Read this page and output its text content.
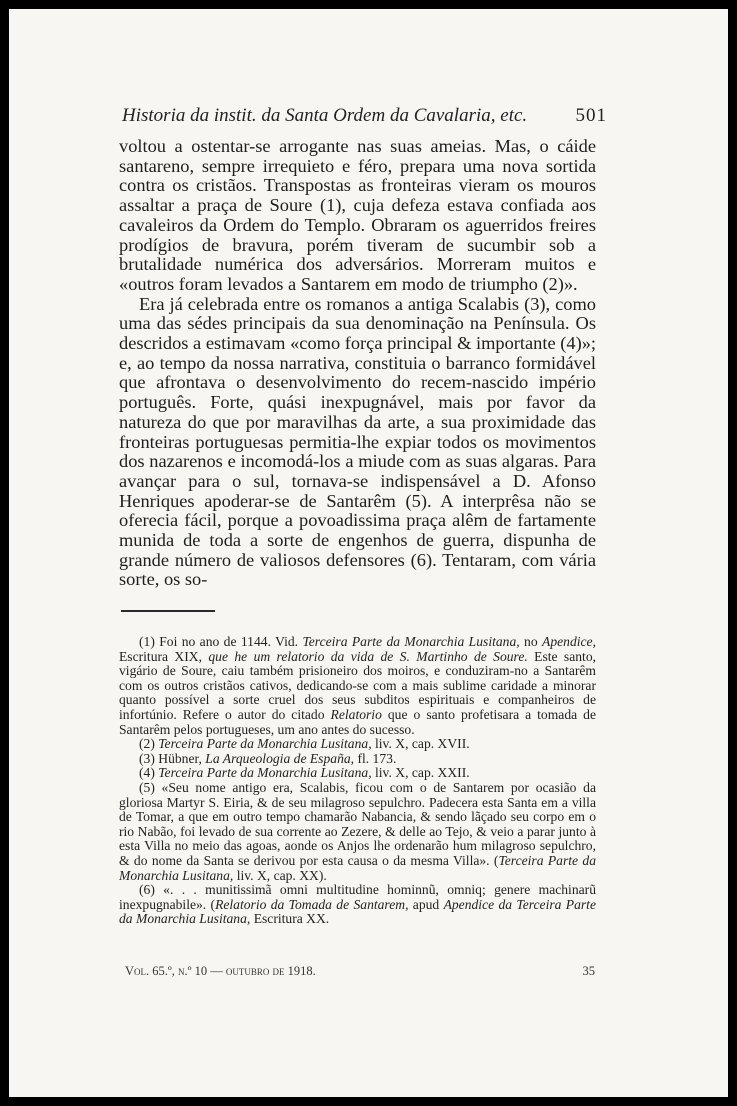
Historia da instit. da Santa Ordem da Cavalaria, etc.	501

voltou a ostentar-se arrogante nas suas ameias. Mas, o cáide santareno, sempre irrequieto e féro, prepara uma nova sortida contra os cristãos. Transpostas as fronteiras vieram os mouros assaltar a praça de Soure (1), cuja defeza estava confiada aos cavaleiros da Ordem do Templo. Obraram os aguerridos freires prodígios de bravura, porém tiveram de sucumbir sob a brutalidade numérica dos adversários. Morreram muitos e «outros foram levados a Santarem em modo de triumpho (2)».

Era já celebrada entre os romanos a antiga Scalabis (3), como uma das sédes principais da sua denominação na Península. Os descridos a estimavam «como força principal & importante (4)»; e, ao tempo da nossa narrativa, constituia o barranco formidável que afrontava o desenvolvimento do recem-nascido império português. Forte, quási inexpugnável, mais por favor da natureza do que por maravilhas da arte, a sua proximidade das fronteiras portuguesas permitia-lhe expiar todos os movimentos dos nazarenos e incomodá-los a miude com as suas algaras. Para avançar para o sul, tornava-se indispensável a D. Afonso Henriques apoderar-se de Santarêm (5). A interprêsa não se oferecia fácil, porque a povoadissima praça alêm de fartamente munida de toda a sorte de engenhos de guerra, dispunha de grande número de valiosos defensores (6). Tentaram, com vária sorte, os so-

(1) Foi no ano de 1144. Vid. Terceira Parte da Monarchia Lusitana, no Apendice, Escritura XIX, que he um relatorio da vida de S. Martinho de Soure. Este santo, vigário de Soure, caiu também prisioneiro dos moiros, e conduziram-no a Santarêm com os outros cristãos cativos, dedicando-se com a mais sublime caridade a minorar quanto possível a sorte cruel dos seus subditos espirituais e companheiros de infortúnio. Refere o autor do citado Relatorio que o santo profetisara a tomada de Santarêm pelos portugueses, um ano antes do sucesso.

(2) Terceira Parte da Monarchia Lusitana, liv. X, cap. XVII.

(3) Hübner, La Arqueologia de España, fl. 173.

(4) Terceira Parte da Monarchia Lusitana, liv. X, cap. XXII.

(5) «Seu nome antigo era, Scalabis, ficou com o de Santarem por ocasião da gloriosa Martyr S. Eiria, & de seu milagroso sepulchro. Padecera esta Santa em a villa de Tomar, a que em outro tempo chamarão Nabancia, & sendo lãçado seu corpo em o rio Nabão, foi levado de sua corrente ao Zezere, & delle ao Tejo, & veio a parar junto à esta Villa no meio das agoas, aonde os Anjos lhe ordenarão hum milagroso sepulchro, & do nome da Santa se derivou por esta causa o da mesma Villa». (Terceira Parte da Monarchia Lusitana, liv. X, cap. XX).

(6) «. . . munitissimã omni multitudine hominnũ, omniq; genere machinarũ inexpugnabile». (Relatorio da Tomada de Santarem, apud Apendice da Terceira Parte da Monarchia Lusitana, Escritura XX.

Vol. 65.º, n.º 10 — outubro de 1918.	35
